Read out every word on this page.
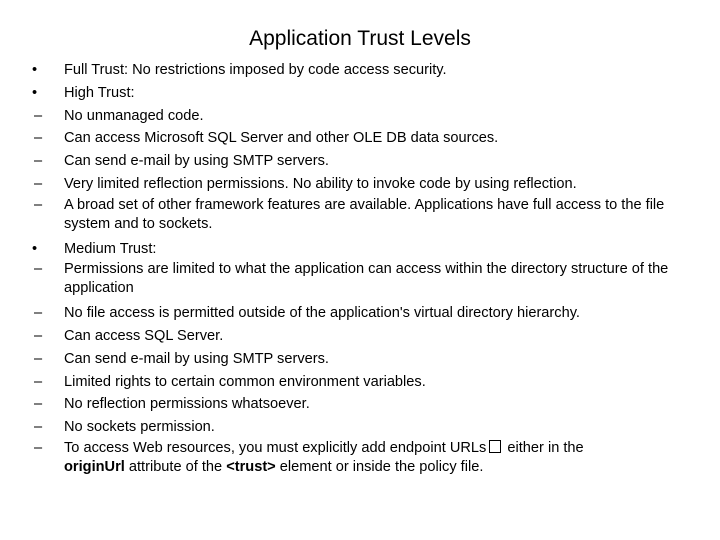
Application Trust Levels
•	Full Trust: No restrictions imposed by code access security.
•	High Trust:
– No unmanaged code.
– Can access Microsoft SQL Server and other OLE DB data sources.
– Can send e-mail by using SMTP servers.
– Very limited reflection permissions. No ability to invoke code by using reflection.
– A broad set of other framework features are available. Applications have full access to the file system and to sockets.
•	Medium Trust:
– Permissions are limited to what the application can access within the directory structure of the application
– No file access is permitted outside of the application's virtual directory hierarchy.
– Can access SQL Server.
– Can send e-mail by using SMTP servers.
– Limited rights to certain common environment variables.
– No reflection permissions whatsoever.
– No sockets permission.
– To access Web resources, you must explicitly add endpoint URLs either in the
originUrl attribute of the <trust> element or inside the policy file.
